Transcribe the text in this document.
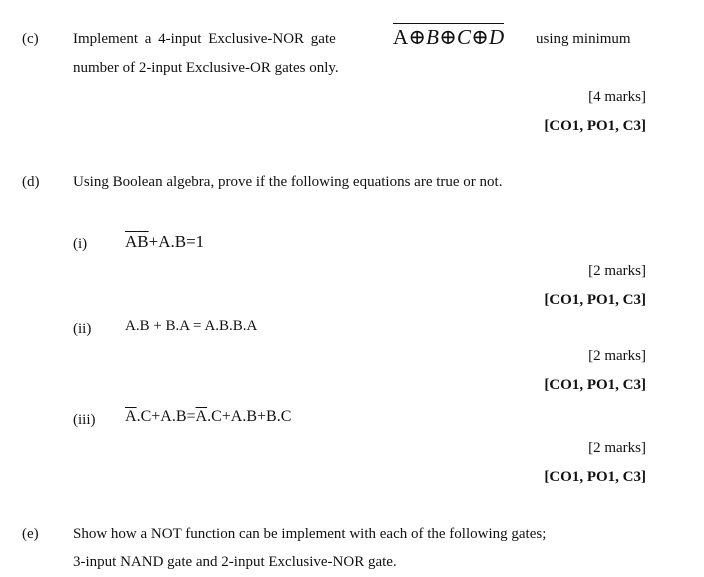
(c) Implement a 4-input Exclusive-NOR gate	A⊕B⊕C⊕D using minimum
number of 2-input Exclusive-OR gates only.
[4 marks]
[CO1, PO1, C3]
(d) Using Boolean algebra, prove if the following equations are true or not.
(i) $\overline{A}\overline{B}+A.B=1$
[2 marks]
[CO1, PO1, C3]
(ii) A.B + B.A = A.B.B.A
[2 marks]
[CO1, PO1, C3]
(iii) $\overline{A}.C+A.B=\overline{A}.C+A.B+B.C$
[2 marks]
[CO1, PO1, C3]
(e) Show how a NOT function can be implement with each of the following gates;
3-input NAND gate and 2-input Exclusive-NOR gate.
